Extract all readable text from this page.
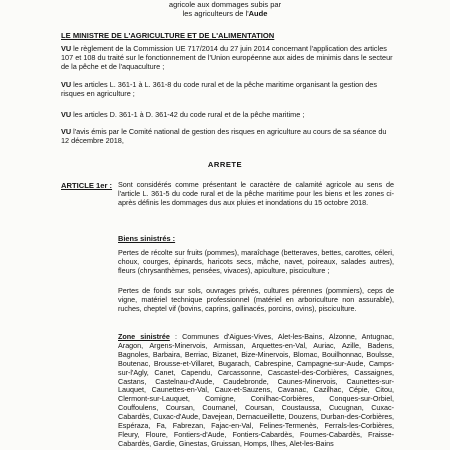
agricole aux dommages subis par
les agriculteurs de l'Aude
LE MINISTRE DE L'AGRICULTURE ET DE L'ALIMENTATION

VU le règlement de la Commission UE 717/2014 du 27 juin 2014 concernant l'application des articles 107 et 108 du traité sur le fonctionnement de l'Union européenne aux aides de minimis dans le secteur de la pêche et de l'aquaculture ;

VU les articles L. 361-1 à L. 361-8 du code rural et de la pêche maritime organisant la gestion des risques en agriculture ;

VU les articles D. 361-1 à D. 361-42 du code rural et de la pêche maritime ;

VU l'avis émis par le Comité national de gestion des risques en agriculture au cours de sa séance du 12 décembre 2018,

ARRETE
ARTICLE 1er : Sont considérés comme présentant le caractère de calamité agricole au sens de l'article L. 361-5 du code rural et de la pêche maritime pour les biens et les zones ci-après définis les dommages dus aux pluies et inondations du 15 octobre 2018.
Biens sinistrés :
Pertes de récolte sur fruits (pommes), maraîchage (betteraves, bettes, carottes, céleri, choux, courges, épinards, haricots secs, mâche, navet, poireaux, salades autres), fleurs (chrysanthèmes, pensées, vivaces), apiculture, pisciculture ;
Pertes de fonds sur sols, ouvrages privés, cultures pérennes (pommiers), ceps de vigne, matériel technique professionnel (matériel en arboriculture non assurable), ruches, cheptel vif (bovins, caprins, gallinacés, porcins, ovins), pisciculture.
Zone sinistrée : Communes d'Aigues-Vives, Alet-les-Bains, Alzonne, Antugnac, Aragon, Argens-Minervois, Armissan, Arquettes-en-Val, Auriac, Azille, Badens, Bagnoles, Barbaira, Berriac, Bizanet, Bize-Minervois, Blomac, Bouilhonnac, Boulsse, Boutenac, Brousse-et-Villaret, Bugarach, Cabrespine, Campagne-sur-Aude, Camps-sur-l'Agly, Canet, Capendu, Carcassonne, Cascastel-des-Corbières, Cassaignes, Castans, Castelnau-d'Aude, Caudebronde, Caunes-Minervois, Caunettes-sur-Lauquet, Caunettes-en-Val, Caux-et-Sauzens, Cavanac, Cazilhac, Cépie, Citou, Clermont-sur-Lauquet, Comigne, Conilhac-Corbières, Conques-sur-Orbiel, Couffoulens, Coursan, Cournanel, Coursan, Coustaussa, Cucugnan, Cuxac-Cabardès, Cuxac-d'Aude, Davejean, Dernacueillette, Douzens, Durban-des-Corbières, Espéraza, Fa, Fabrezan, Fajac-en-Val, Felines-Termenès, Ferrals-les-Corbières, Fleury, Floure, Fontiers-d'Aude, Fontiers-Cabardès, Fournes-Cabardès, Fraisse-Cabardès, Gardie, Ginestas, Gruissan, Homps, Ilhes, Alet-les-Bains
